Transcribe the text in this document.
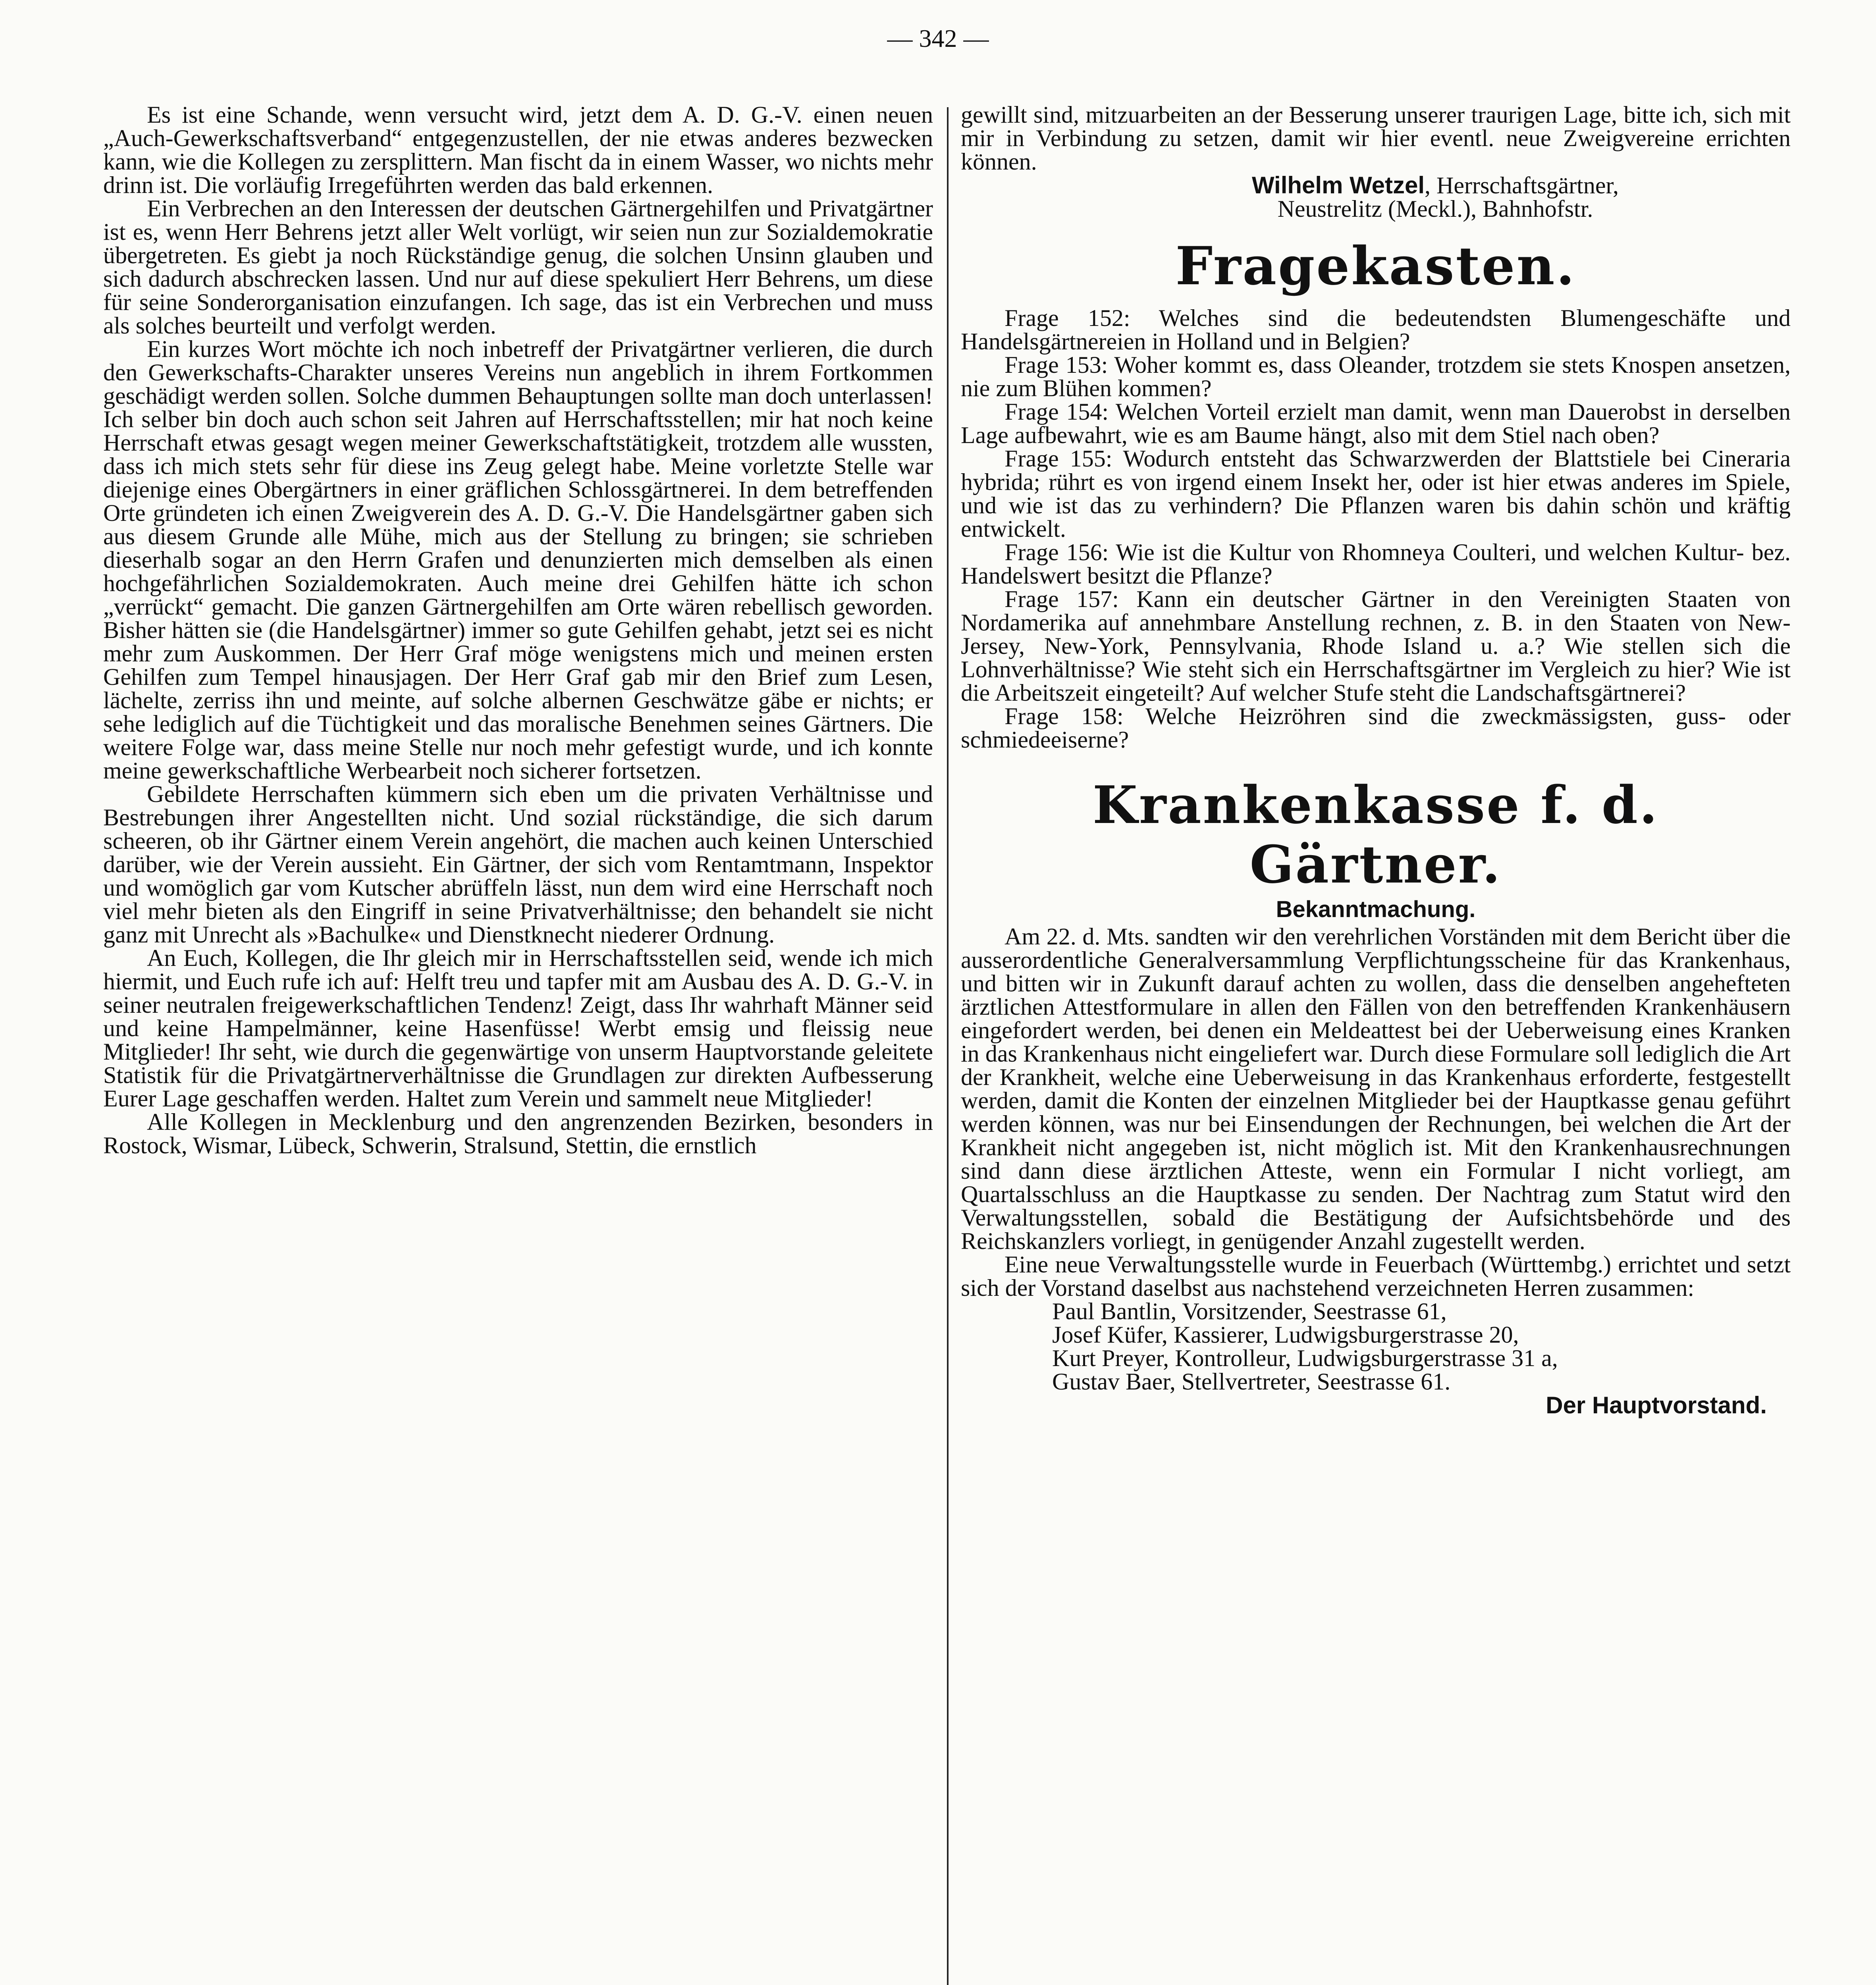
— 342 —

Es ist eine Schande, wenn versucht wird, jetzt dem A. D. G.-V. einen neuen „Auch-Gewerkschaftsverband“ entgegenzustellen, der nie etwas anderes bezwecken kann, wie die Kollegen zu zersplittern. Man fischt da in einem Wasser, wo nichts mehr drinn ist. Die vorläufig Irregeführten werden das bald erkennen.

Ein Verbrechen an den Interessen der deutschen Gärtnergehilfen und Privatgärtner ist es, wenn Herr Behrens jetzt aller Welt vorlügt, wir seien nun zur Sozialdemokratie übergetreten. Es giebt ja noch Rückständige genug, die solchen Unsinn glauben und sich dadurch abschrecken lassen. Und nur auf diese spekuliert Herr Behrens, um diese für seine Sonderorganisation einzufangen. Ich sage, das ist ein Verbrechen und muss als solches beurteilt und verfolgt werden.

Ein kurzes Wort möchte ich noch inbetreff der Privatgärtner verlieren, die durch den Gewerkschafts-Charakter unseres Vereins nun angeblich in ihrem Fortkommen geschädigt werden sollen. Solche dummen Behauptungen sollte man doch unterlassen! Ich selber bin doch auch schon seit Jahren auf Herrschaftsstellen; mir hat noch keine Herrschaft etwas gesagt wegen meiner Gewerkschaftstätigkeit, trotzdem alle wussten, dass ich mich stets sehr für diese ins Zeug gelegt habe. Meine vorletzte Stelle war diejenige eines Obergärtners in einer gräflichen Schlossgärtnerei. In dem betreffenden Orte gründeten ich einen Zweigverein des A. D. G.-V. Die Handelsgärtner gaben sich aus diesem Grunde alle Mühe, mich aus der Stellung zu bringen; sie schrieben dieserhalb sogar an den Herrn Grafen und denunzierten mich demselben als einen hochgefährlichen Sozialdemokraten. Auch meine drei Gehilfen hätte ich schon „verrückt“ gemacht. Die ganzen Gärtnergehilfen am Orte wären rebellisch geworden. Bisher hätten sie (die Handelsgärtner) immer so gute Gehilfen gehabt, jetzt sei es nicht mehr zum Auskommen. Der Herr Graf möge wenigstens mich und meinen ersten Gehilfen zum Tempel hinausjagen. Der Herr Graf gab mir den Brief zum Lesen, lächelte, zerriss ihn und meinte, auf solche albernen Geschwätze gäbe er nichts; er sehe lediglich auf die Tüchtigkeit und das moralische Benehmen seines Gärtners. Die weitere Folge war, dass meine Stelle nur noch mehr gefestigt wurde, und ich konnte meine gewerkschaftliche Werbearbeit noch sicherer fortsetzen.

Gebildete Herrschaften kümmern sich eben um die privaten Verhältnisse und Bestrebungen ihrer Angestellten nicht. Und sozial rückständige, die sich darum scheeren, ob ihr Gärtner einem Verein angehört, die machen auch keinen Unterschied darüber, wie der Verein aussieht. Ein Gärtner, der sich vom Rentamtmann, Inspektor und womöglich gar vom Kutscher abrüffeln lässt, nun dem wird eine Herrschaft noch viel mehr bieten als den Eingriff in seine Privatverhältnisse; den behandelt sie nicht ganz mit Unrecht als »Bachulke« und Dienstknecht niederer Ordnung.

An Euch, Kollegen, die Ihr gleich mir in Herrschaftsstellen seid, wende ich mich hiermit, und Euch rufe ich auf: Helft treu und tapfer mit am Ausbau des A. D. G.-V. in seiner neutralen freigewerkschaftlichen Tendenz! Zeigt, dass Ihr wahrhaft Männer seid und keine Hampelmänner, keine Hasenfüsse! Werbt emsig und fleissig neue Mitglieder! Ihr seht, wie durch die gegenwärtige von unserm Hauptvorstande geleitete Statistik für die Privatgärtnerverhältnisse die Grundlagen zur direkten Aufbesserung Eurer Lage geschaffen werden. Haltet zum Verein und sammelt neue Mitglieder!

Alle Kollegen in Mecklenburg und den angrenzenden Bezirken, besonders in Rostock, Wismar, Lübeck, Schwerin, Stralsund, Stettin, die ernstlich

gewillt sind, mitzuarbeiten an der Besserung unserer traurigen Lage, bitte ich, sich mit mir in Verbindung zu setzen, damit wir hier eventl. neue Zweigvereine errichten können.

Wilhelm Wetzel, Herrschaftsgärtner,

Neustrelitz (Meckl.), Bahnhofstr.

Fragekasten.

Frage 152: Welches sind die bedeutendsten Blumengeschäfte und Handelsgärtnereien in Holland und in Belgien?

Frage 153: Woher kommt es, dass Oleander, trotzdem sie stets Knospen ansetzen, nie zum Blühen kommen?

Frage 154: Welchen Vorteil erzielt man damit, wenn man Dauerobst in derselben Lage aufbewahrt, wie es am Baume hängt, also mit dem Stiel nach oben?

Frage 155: Wodurch entsteht das Schwarzwerden der Blattstiele bei Cineraria hybrida; rührt es von irgend einem Insekt her, oder ist hier etwas anderes im Spiele, und wie ist das zu verhindern? Die Pflanzen waren bis dahin schön und kräftig entwickelt.

Frage 156: Wie ist die Kultur von Rhomneya Coulteri, und welchen Kultur- bez. Handelswert besitzt die Pflanze?

Frage 157: Kann ein deutscher Gärtner in den Vereinigten Staaten von Nordamerika auf annehmbare Anstellung rechnen, z. B. in den Staaten von New-Jersey, New-York, Pennsylvania, Rhode Island u. a.? Wie stellen sich die Lohnverhältnisse? Wie steht sich ein Herrschaftsgärtner im Vergleich zu hier? Wie ist die Arbeitszeit eingeteilt? Auf welcher Stufe steht die Landschaftsgärtnerei?

Frage 158: Welche Heizröhren sind die zweckmässigsten, guss- oder schmiedeeiserne?

Krankenkasse f. d. Gärtner.
Bekanntmachung.

Am 22. d. Mts. sandten wir den verehrlichen Vorständen mit dem Bericht über die ausserordentliche Generalversammlung Verpflichtungsscheine für das Krankenhaus, und bitten wir in Zukunft darauf achten zu wollen, dass die denselben angehefteten ärztlichen Attestformulare in allen den Fällen von den betreffenden Krankenhäusern eingefordert werden, bei denen ein Meldeattest bei der Ueberweisung eines Kranken in das Krankenhaus nicht eingeliefert war. Durch diese Formulare soll lediglich die Art der Krankheit, welche eine Ueberweisung in das Krankenhaus erforderte, festgestellt werden, damit die Konten der einzelnen Mitglieder bei der Hauptkasse genau geführt werden können, was nur bei Einsendungen der Rechnungen, bei welchen die Art der Krankheit nicht angegeben ist, nicht möglich ist. Mit den Krankenhausrechnungen sind dann diese ärztlichen Atteste, wenn ein Formular I nicht vorliegt, am Quartalsschluss an die Hauptkasse zu senden. Der Nachtrag zum Statut wird den Verwaltungsstellen, sobald die Bestätigung der Aufsichtsbehörde und des Reichskanzlers vorliegt, in genügender Anzahl zugestellt werden.

Eine neue Verwaltungsstelle wurde in Feuerbach (Württembg.) errichtet und setzt sich der Vorstand daselbst aus nachstehend verzeichneten Herren zusammen:

Paul Bantlin, Vorsitzender, Seestrasse 61,

Josef Küfer, Kassierer, Ludwigsburgerstrasse 20,

Kurt Preyer, Kontrolleur, Ludwigsburgerstrasse 31 a,

Gustav Baer, Stellvertreter, Seestrasse 61.

Der Hauptvorstand.
